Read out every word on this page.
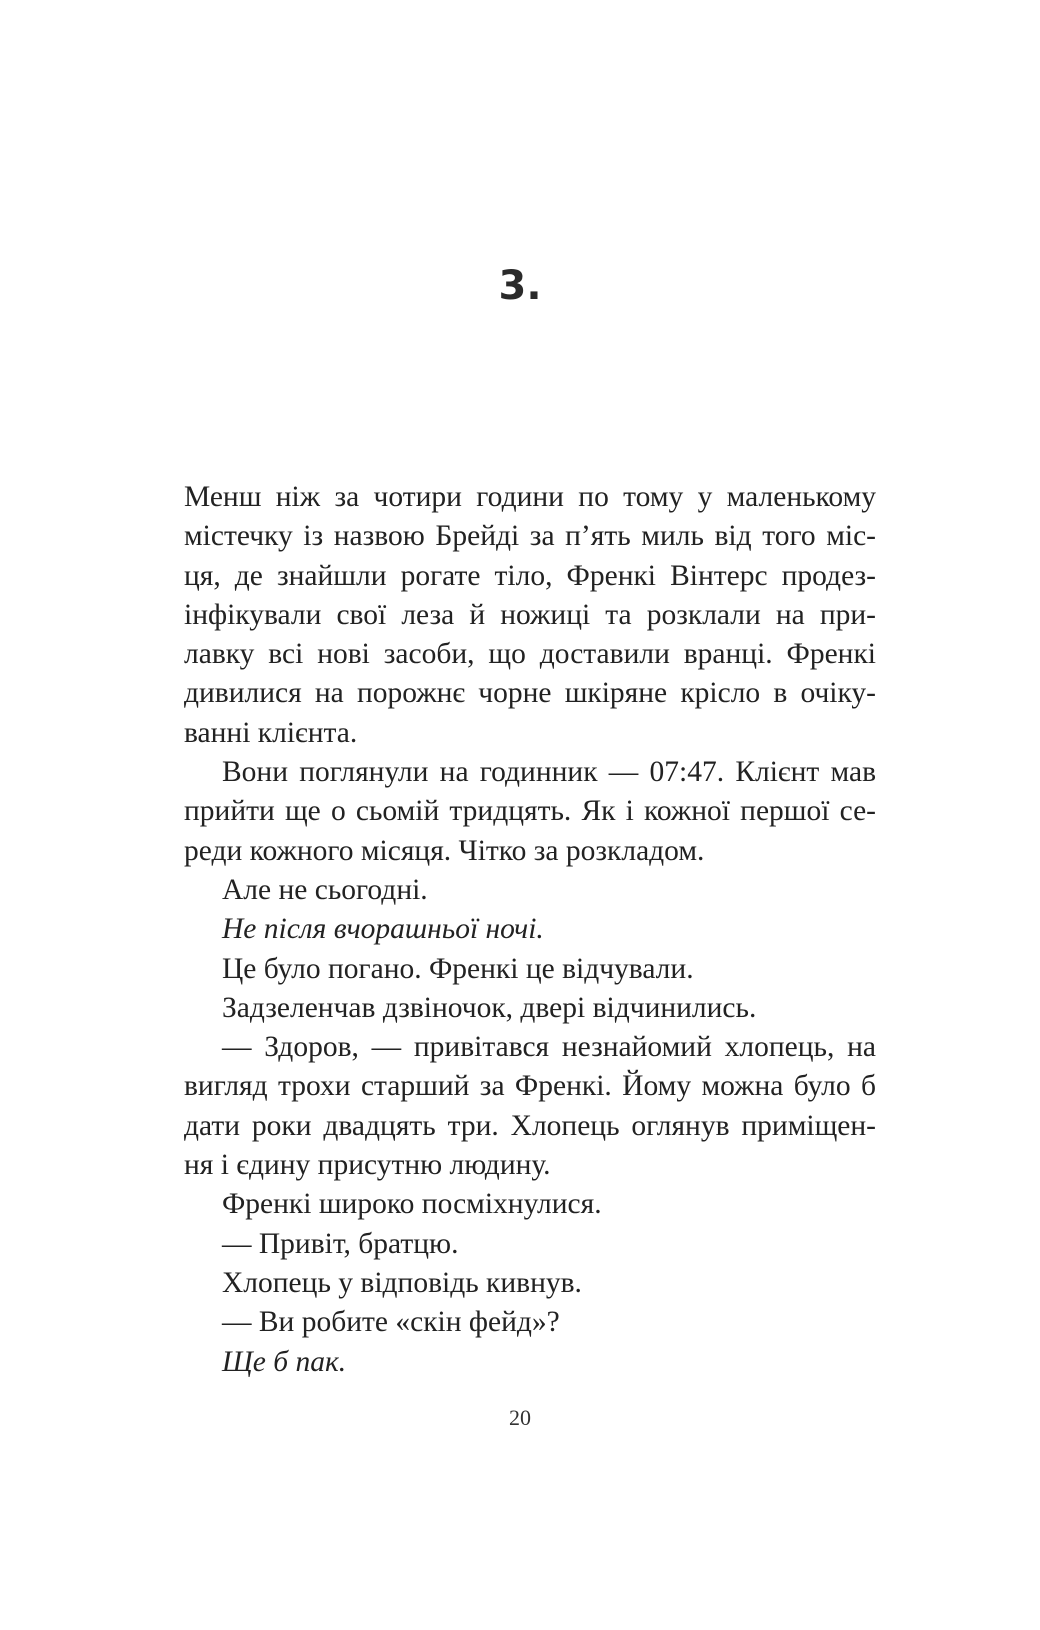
3.
Менш ніж за чотири години по тому у маленькому
містечку із назвою Брейді за п’ять миль від того міс-
ця, де знайшли рогате тіло, Френкі Вінтерс продез-
інфікували свої леза й ножиці та розклали на при-
лавку всі нові засоби, що доставили вранці. Френкі
дивилися на порожнє чорне шкіряне крісло в очіку-
ванні клієнта.
Вони поглянули на годинник — 07:47. Клієнт мав
прийти ще о сьомій тридцять. Як і кожної першої се-
реди кожного місяця. Чітко за розкладом.
Але не сьогодні.
Не після вчорашньої ночі.
Це було погано. Френкі це відчували.
Задзеленчав дзвіночок, двері відчинились.
— Здоров, — привітався незнайомий хлопець, на
вигляд трохи старший за Френкі. Йому можна було б
дати роки двадцять три. Хлопець оглянув приміщен-
ня і єдину присутню людину.
Френкі широко посміхнулися.
— Привіт, братцю.
Хлопець у відповідь кивнув.
— Ви робите «скін фейд»?
Ще б пак.
20
